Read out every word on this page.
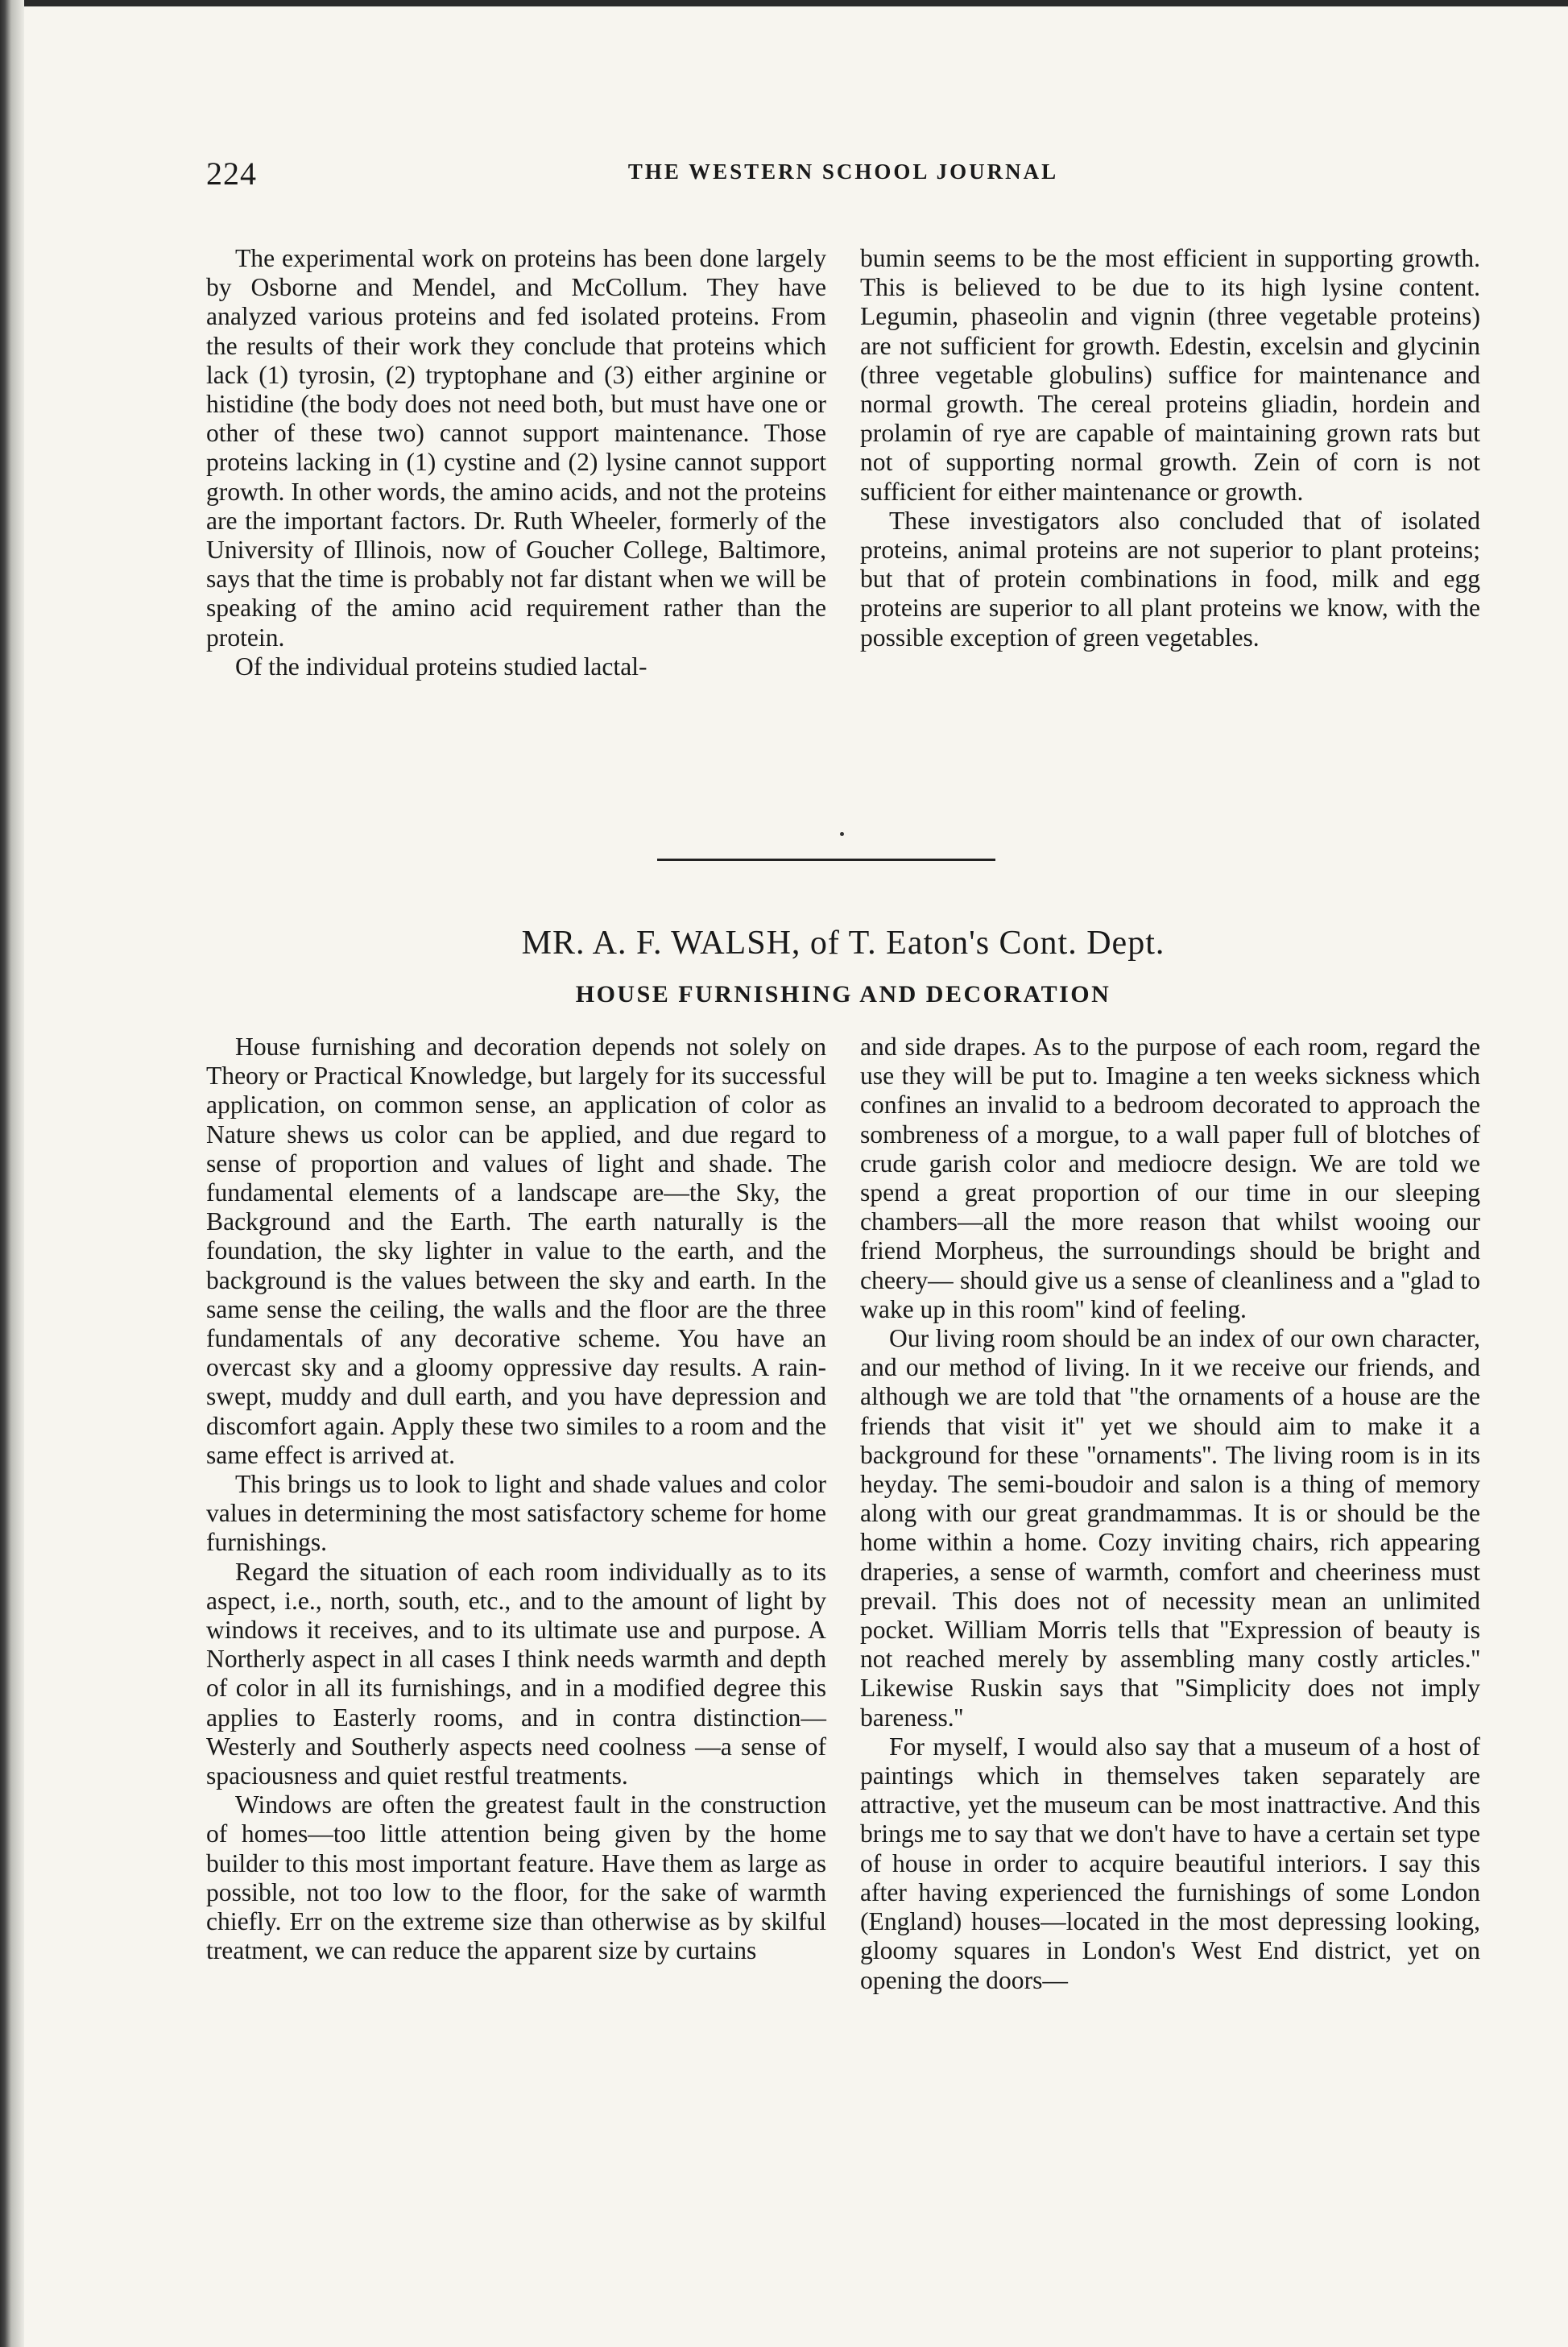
224	THE WESTERN SCHOOL JOURNAL

The experimental work on proteins has been done largely by Osborne and Mendel, and McCollum. They have analyzed various proteins and fed isolated proteins. From the results of their work they conclude that proteins which lack (1) tyrosin, (2) tryptophane and (3) either arginine or histidine (the body does not need both, but must have one or other of these two) cannot support maintenance. Those proteins lacking in (1) cystine and (2) lysine cannot support growth. In other words, the amino acids, and not the proteins are the important factors. Dr. Ruth Wheeler, formerly of the University of Illinois, now of Goucher College, Baltimore, says that the time is probably not far distant when we will be speaking of the amino acid requirement rather than the protein.

Of the individual proteins studied lactal-

bumin seems to be the most efficient in supporting growth. This is believed to be due to its high lysine content. Legumin, phaseolin and vignin (three vegetable proteins) are not sufficient for growth. Edestin, excelsin and glycinin (three vegetable globulins) suffice for maintenance and normal growth. The cereal proteins gliadin, hordein and prolamin of rye are capable of maintaining grown rats but not of supporting normal growth. Zein of corn is not sufficient for either maintenance or growth.

These investigators also concluded that of isolated proteins, animal proteins are not superior to plant proteins; but that of protein combinations in food, milk and egg proteins are superior to all plant proteins we know, with the possible exception of green vegetables.

MR. A. F. WALSH, of T. Eaton's Cont. Dept.
HOUSE FURNISHING AND DECORATION

House furnishing and decoration depends not solely on Theory or Practical Knowledge, but largely for its successful application, on common sense, an application of color as Nature shews us color can be applied, and due regard to sense of proportion and values of light and shade. The fundamental elements of a landscape are—the Sky, the Background and the Earth. The earth naturally is the foundation, the sky lighter in value to the earth, and the background is the values between the sky and earth. In the same sense the ceiling, the walls and the floor are the three fundamentals of any decorative scheme. You have an overcast sky and a gloomy oppressive day results. A rain-swept, muddy and dull earth, and you have depression and discomfort again. Apply these two similes to a room and the same effect is arrived at.

This brings us to look to light and shade values and color values in determining the most satisfactory scheme for home furnishings.

Regard the situation of each room individually as to its aspect, i.e., north, south, etc., and to the amount of light by windows it receives, and to its ultimate use and purpose. A Northerly aspect in all cases I think needs warmth and depth of color in all its furnishings, and in a modified degree this applies to Easterly rooms, and in contra distinction—Westerly and Southerly aspects need coolness —a sense of spaciousness and quiet restful treatments.

Windows are often the greatest fault in the construction of homes—too little attention being given by the home builder to this most important feature. Have them as large as possible, not too low to the floor, for the sake of warmth chiefly. Err on the extreme size than otherwise as by skilful treatment, we can reduce the apparent size by curtains

and side drapes. As to the purpose of each room, regard the use they will be put to. Imagine a ten weeks sickness which confines an invalid to a bedroom decorated to approach the sombreness of a morgue, to a wall paper full of blotches of crude garish color and mediocre design. We are told we spend a great proportion of our time in our sleeping chambers—all the more reason that whilst wooing our friend Morpheus, the surroundings should be bright and cheery— should give us a sense of cleanliness and a ''glad to wake up in this room'' kind of feeling.

Our living room should be an index of our own character, and our method of living. In it we receive our friends, and although we are told that ''the ornaments of a house are the friends that visit it'' yet we should aim to make it a background for these ''ornaments''. The living room is in its heyday. The semi-boudoir and salon is a thing of memory along with our great grandmammas. It is or should be the home within a home. Cozy inviting chairs, rich appearing draperies, a sense of warmth, comfort and cheeriness must prevail. This does not of necessity mean an unlimited pocket. William Morris tells that ''Expression of beauty is not reached merely by assembling many costly articles.'' Likewise Ruskin says that ''Simplicity does not imply bareness.''

For myself, I would also say that a museum of a host of paintings which in themselves taken separately are attractive, yet the museum can be most inattractive. And this brings me to say that we don't have to have a certain set type of house in order to acquire beautiful interiors. I say this after having experienced the furnishings of some London (England) houses—located in the most depressing looking, gloomy squares in London's West End district, yet on opening the doors—
